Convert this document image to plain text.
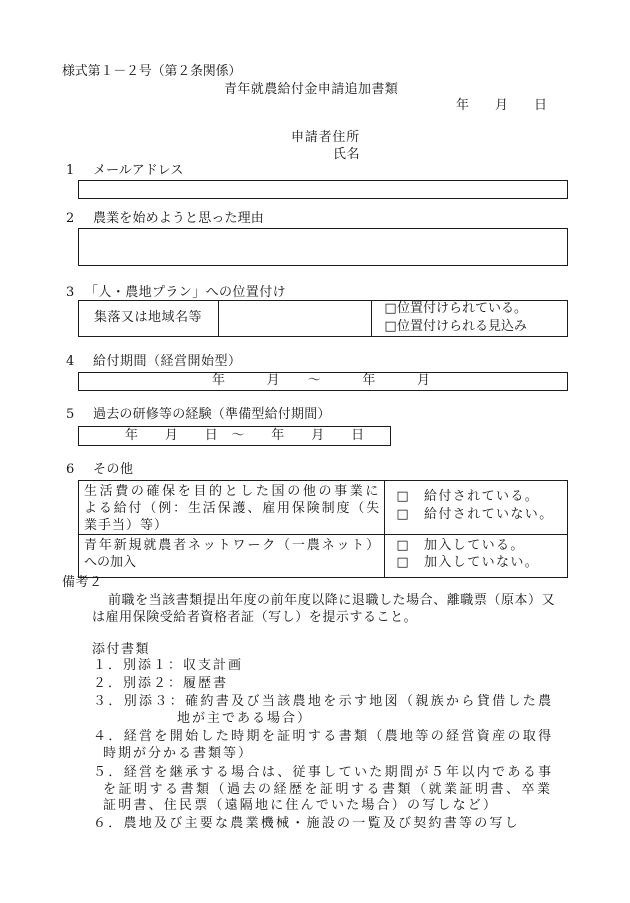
様式第１－２号（第２条関係）
青年就農給付金申請追加書類
年　　月　　日
申請者住所
氏名
1 メールアドレス
2 農業を始めようと思った理由
3 「人・農地プラン」への位置付け
集落又は地域名等
□位置付けられている。
□位置付けられる見込み
4 給付期間（経営開始型）
年　　　月　　～　　　年　　　月
5 過去の研修等の経験（準備型給付期間）
年　　月　　日　～　　年　　月　　日
6 その他
生活費の確保を目的とした国の他の事業に
よる給付（例：生活保護、雇用保険制度（失
業手当）等）
□ 給付されている。
□ 給付されていない。
青年新規就農者ネットワーク（一農ネット）
への加入
□ 加入している。
□ 加入していない。
備考２
前職を当該書類提出年度の前年度以降に退職した場合、離職票（原本）又
は雇用保険受給者資格者証（写し）を提示すること。
添付書類
１．別添１：収支計画
２．別添２：履歴書
３．別添３：確約書及び当該農地を示す地図（親族から貸借した農
地が主である場合）
４．経営を開始した時期を証明する書類（農地等の経営資産の取得
時期が分かる書類等）
５．経営を継承する場合は、従事していた期間が５年以内である事
を証明する書類（過去の経歴を証明する書類（就業証明書、卒業
証明書、住民票（遠隔地に住んでいた場合）の写しなど）
６．農地及び主要な農業機械・施設の一覧及び契約書等の写し
